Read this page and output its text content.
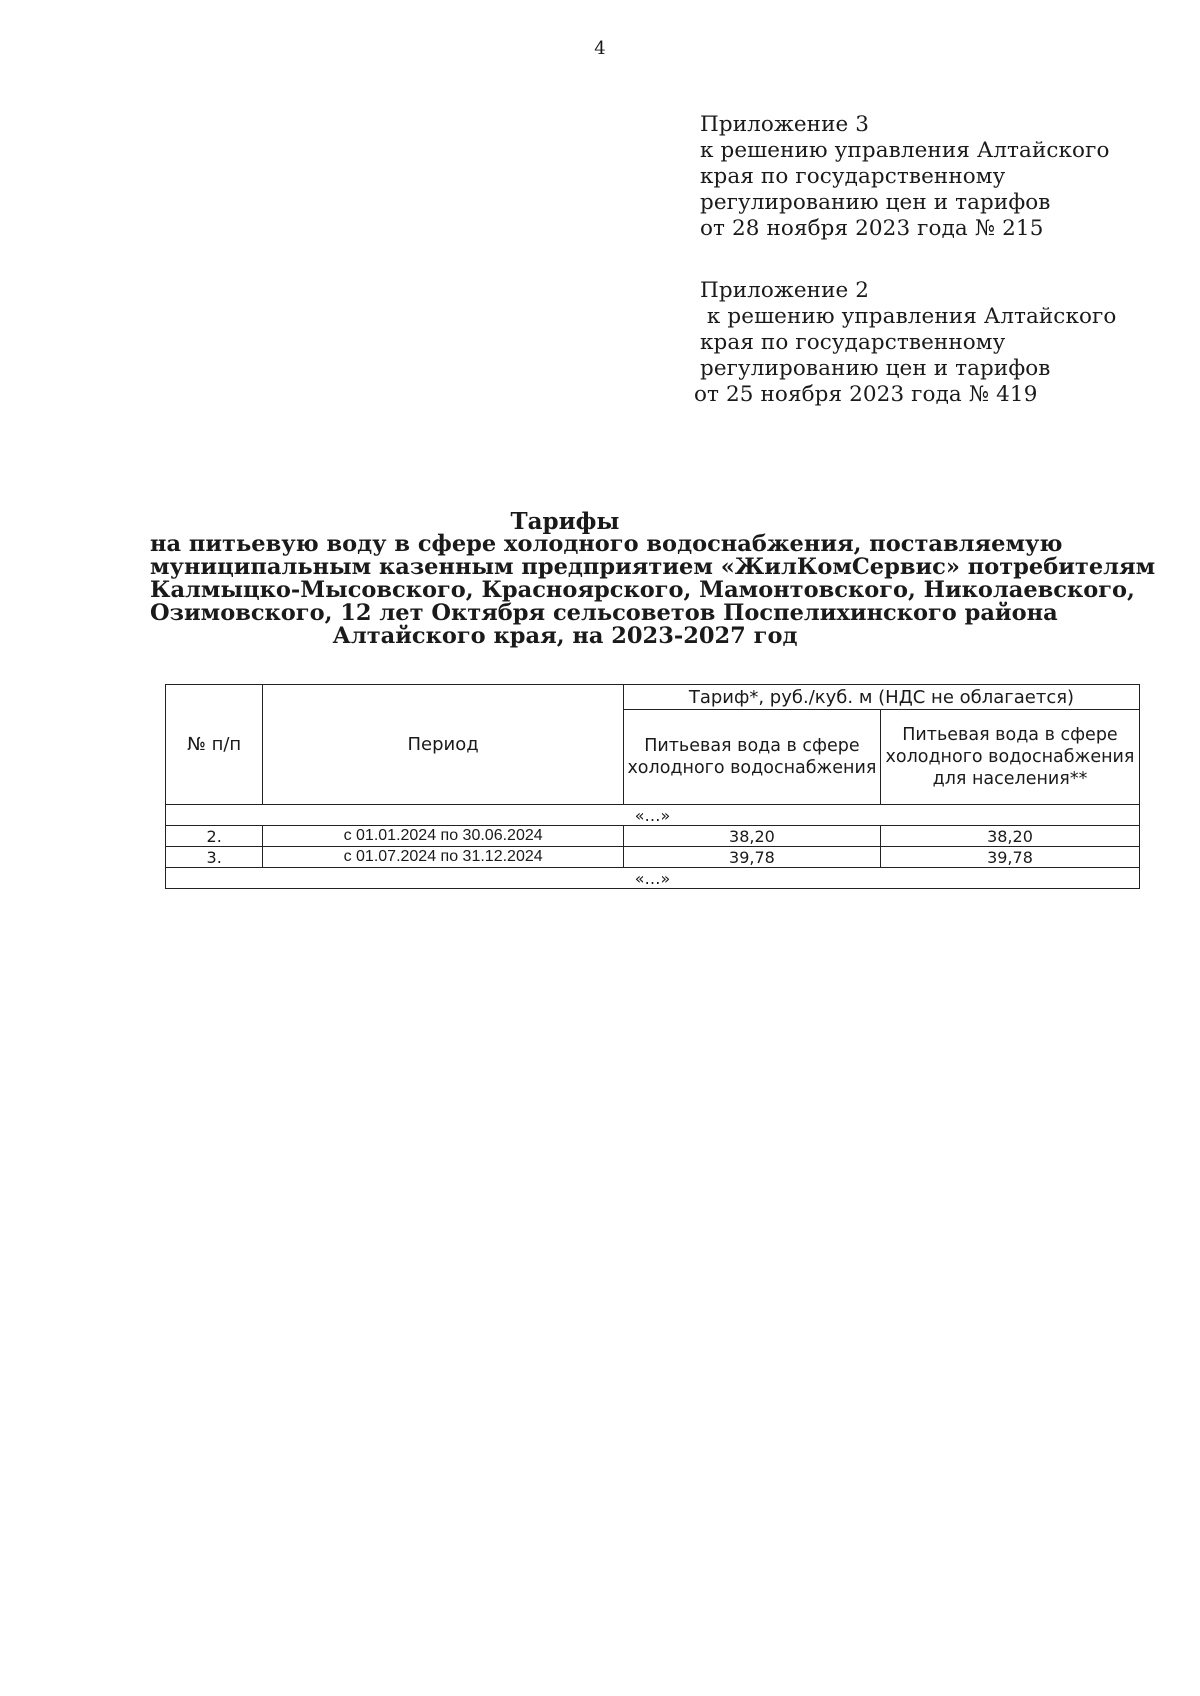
4
Приложение 3
к решению управления Алтайского
края по государственному
регулированию цен и тарифов
от 28 ноября 2023 года № 215
Приложение 2
к решению управления Алтайского
края по государственному
регулированию цен и тарифов
от 25 ноября 2023 года № 419
Тарифы
на питьевую воду в сфере холодного водоснабжения, поставляемую
муниципальным казенным предприятием «ЖилКомСервис» потребителям
Калмыцко-Мысовского, Красноярского, Мамонтовского, Николаевского,
Озимовского, 12 лет Октября сельсоветов Поспелихинского района
Алтайского края, на 2023-2027 год
№ п/п	Период	Тариф*, руб./куб. м (НДС не облагается)	
		Питьевая вода в сфере холодного водоснабжения	Питьевая вода в сфере холодного водоснабжения для населения**
«…»			
2.	с 01.01.2024 по 30.06.2024	38,20	38,20
3.	с 01.07.2024 по 31.12.2024	39,78	39,78
«…»			
